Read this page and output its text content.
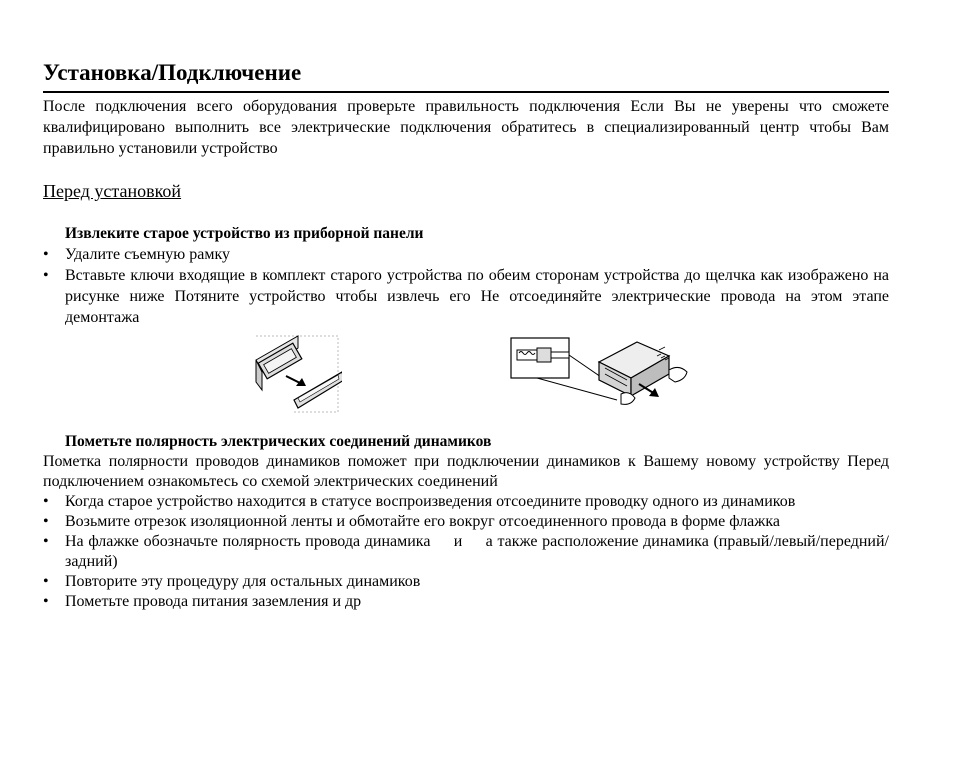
Установка/Подключение

После подключения всего оборудования проверьте правильность подключения Если Вы не уверены что сможете квалифицировано выполнить все электрические подключения обратитесь в специализированный центр чтобы Вам правильно установили устройство

Перед установкой
Извлеките старое устройство из приборной панели
•	Удалите съемную рамку
•	Вставьте ключи входящие в комплект старого устройства по обеим сторонам устройства до щелчка как изображено на рисунке ниже Потяните устройство чтобы извлечь его Не отсоединяйте электрические провода на этом этапе демонтажа
Пометьте полярность электрических соединений динамиков

Пометка полярности проводов динамиков поможет при подключении динамиков к Вашему новому устройству Перед подключением ознакомьтесь со схемой электрических соединений

•	Когда старое устройство находится в статусе воспроизведения отсоедините проводку одного из динамиков
•	Возьмите отрезок изоляционной ленты и обмотайте его вокруг отсоединенного провода в форме флажка
•	На флажке обозначьте полярность провода динамика     и     а также расположение динамика (правый/левый/передний/задний)
•	Повторите эту процедуру для остальных динамиков
•	Пометьте провода питания заземления и др
